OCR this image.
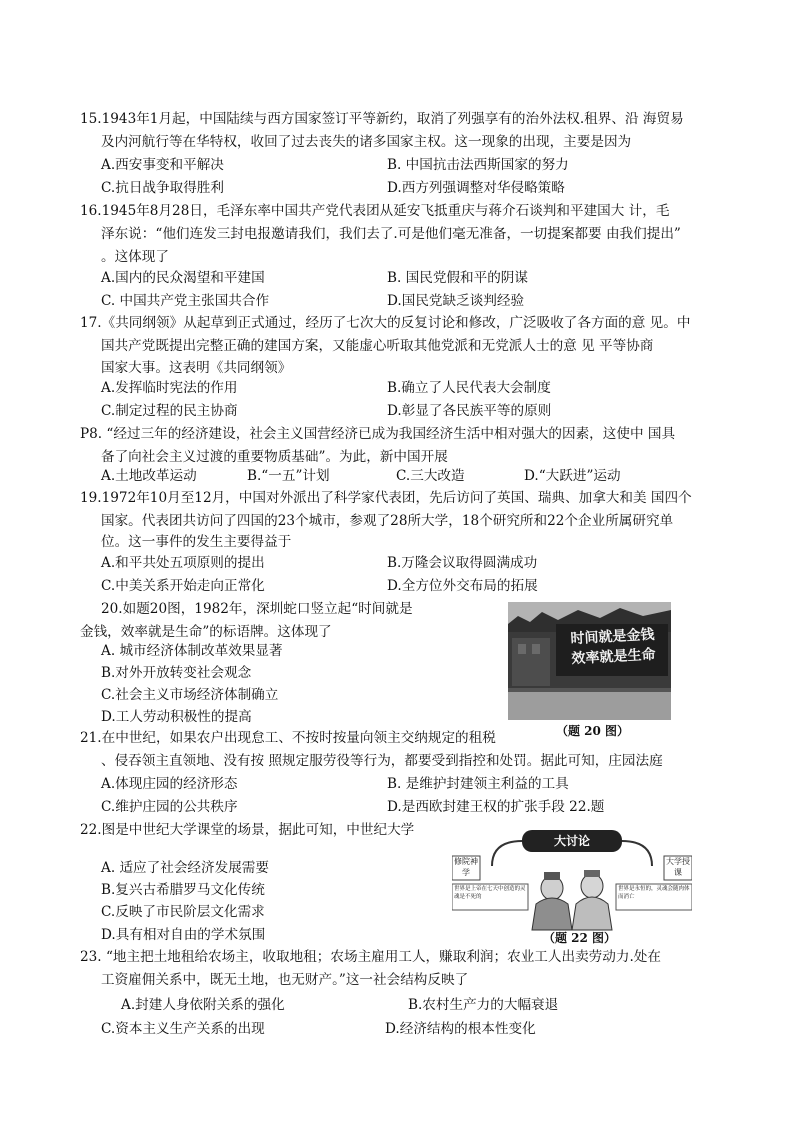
15.1943年1月起，中国陆续与西方国家签订平等新约，取消了列强享有的治外法权.租界、沿 海贸易
及内河航行等在华特权，收回了过去丧失的诸多国家主权。这一现象的出现，主要是因为
A.西安事变和平解决	B. 中国抗击法西斯国家的努力
C.抗日战争取得胜利	D.西方列强调整对华侵略策略
16.1945年8月28日，毛泽东率中国共产党代表团从延安飞抵重庆与蒋介石谈判和平建国大 计，毛
泽东说：“他们连发三封电报邀请我们，我们去了.可是他们毫无准备，一切提案都要 由我们提出”
。这体现了
A.国内的民众渴望和平建国	B. 国民党假和平的阴谋
C. 中国共产党主张国共合作	D.国民党缺乏谈判经验
17.《共同纲领》从起草到正式通过，经历了七次大的反复讨论和修改，广泛吸收了各方面的意 见。中
国共产党既提出完整正确的建国方案，又能虚心听取其他党派和无党派人士的意 见 平等协商
国家大事。这表明《共同纲领》
A.发挥临时宪法的作用	B.确立了人民代表大会制度
C.制定过程的民主协商	D.彰显了各民族平等的原则
P8. “经过三年的经济建设，社会主义国营经济已成为我国经济生活中相对强大的因素，这使中 国具
备了向社会主义过渡的重要物质基础”。为此，新中国开展
A.土地改革运动	B.“一五”计划	C.三大改造	D.“大跃进”运动
19.1972年10月至12月，中国对外派出了科学家代表团，先后访问了英国、瑞典、加拿大和美 国四个
国家。代表团共访问了四国的23个城市，参观了28所大学，18个研究所和22个企业所属研究单
位。这一事件的发生主要得益于
A.和平共处五项原则的提出	B.万隆会议取得圆满成功
C.中美关系开始走向正常化	D.全方位外交布局的拓展
20.如题20图，1982年，深圳蛇口竖立起“时间就是
金钱，效率就是生命”的标语牌。这体现了
A. 城市经济体制改革效果显著
B.对外开放转变社会观念
C.社会主义市场经济体制确立
D.工人劳动积极性的提高
时间就是金钱
效率就是生命
（题 20 图）
21.在中世纪，如果农户出现怠工、不按时按量向领主交纳规定的租税
、侵吞领主直领地、没有按 照规定服劳役等行为，都要受到指控和处罚。据此可知，庄园法庭
A.体现庄园的经济形态	B. 是维护封建领主利益的工具
C.维护庄园的公共秩序	D.是西欧封建王权的扩张手段 22.题
22.图是中世纪大学课堂的场景，据此可知，中世纪大学
A. 适应了社会经济发展需要
B.复兴古希腊罗马文化传统
C.反映了市民阶层文化需求
D.具有相对自由的学术氛围
大讨论
修院神学
大学授课
世界是上帝在七天中创造的灵魂是不死的
世界是永恒的，灵魂会随肉体而消亡
（题 22 图）
23. “地主把土地租给农场主，收取地租；农场主雇用工人，赚取利润；农业工人出卖劳动力.处在
工资雇佣关系中，既无土地，也无财产。”这一社会结构反映了
A.封建人身依附关系的强化	B.农村生产力的大幅衰退
C.资本主义生产关系的出现	D.经济结构的根本性变化
